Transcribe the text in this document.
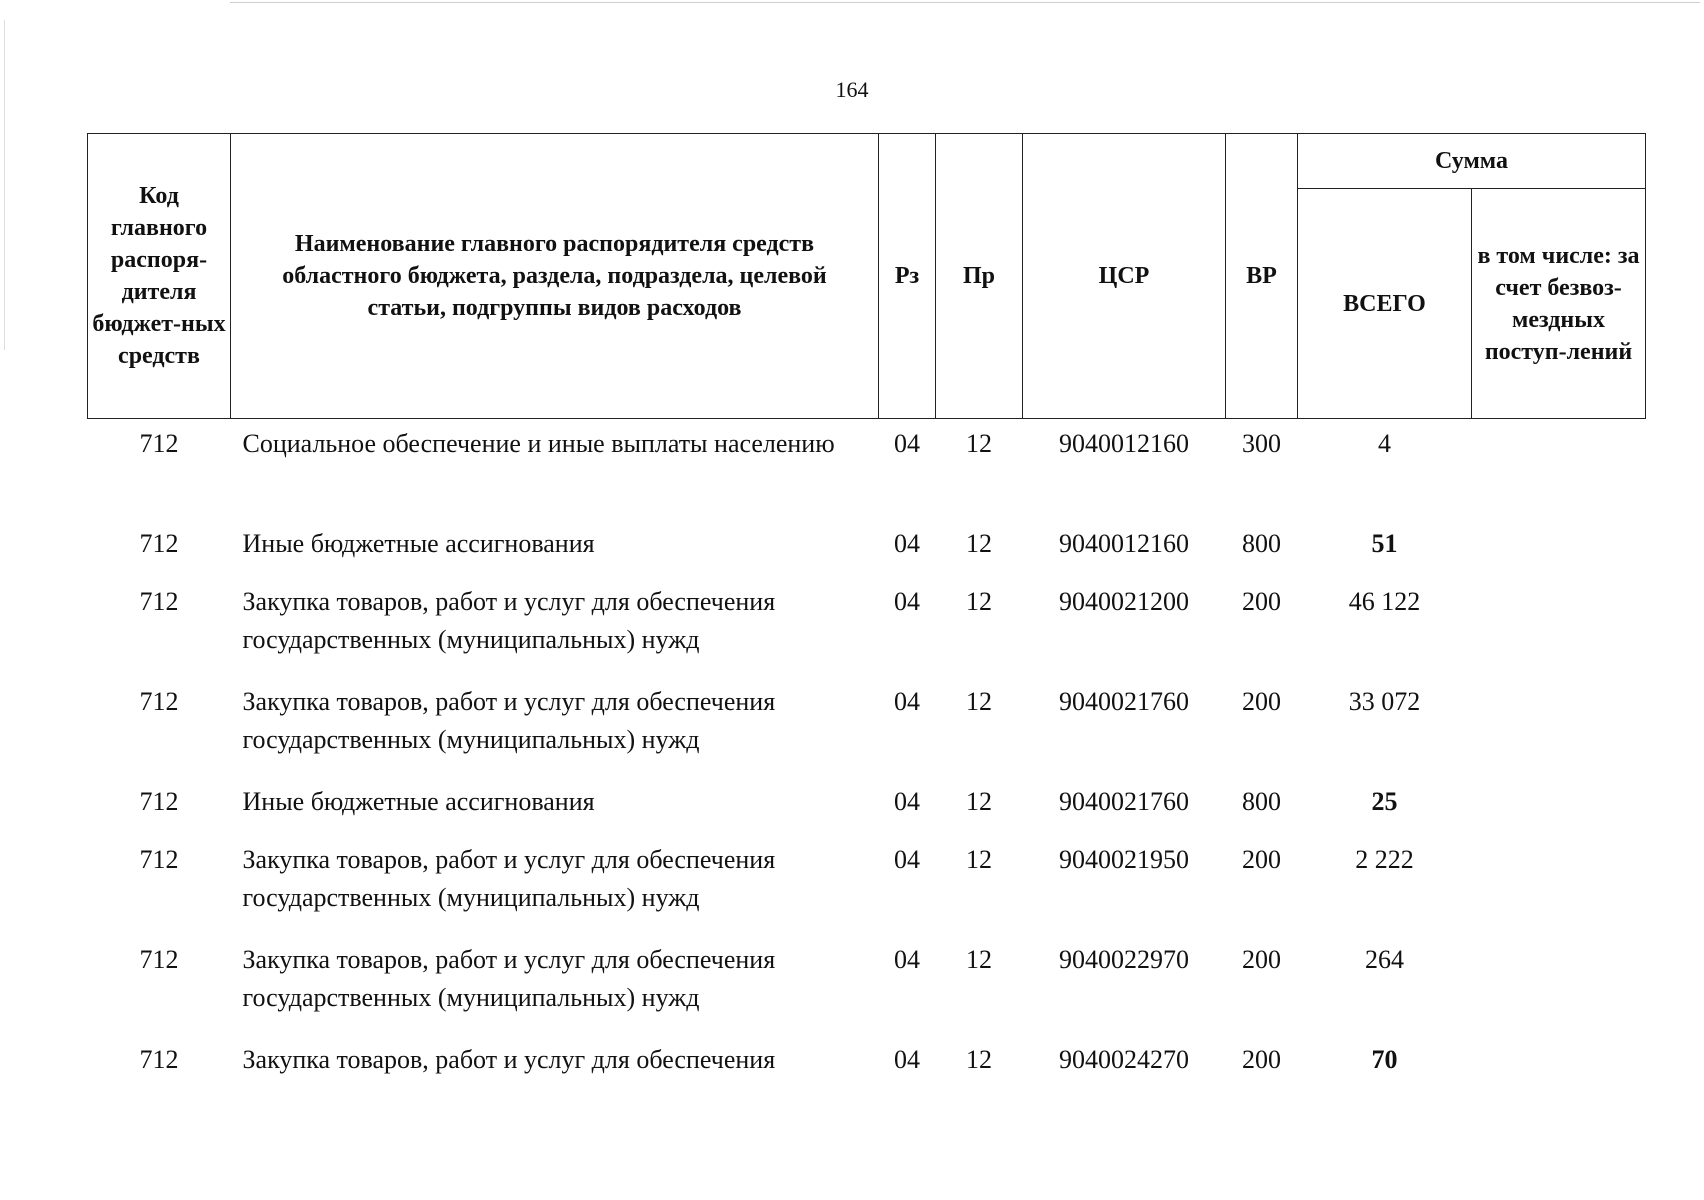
164
Код главного распоря-дителя бюджет-ных средств	Наименование главного распорядителя средств областного бюджета, раздела, подраздела, целевой статьи, подгруппы видов расходов	Рз	Пр	ЦСР	ВР	Сумма	
						ВСЕГО	в том числе: за счет безвоз-мездных поступ-лений
712	Социальное обеспечение и иные выплаты населению	04	12	9040012160	300	4	
712	Иные бюджетные ассигнования	04	12	9040012160	800	51	
712	Закупка товаров, работ и услуг для обеспечения государственных (муниципальных) нужд	04	12	9040021200	200	46 122	
712	Закупка товаров, работ и услуг для обеспечения государственных (муниципальных) нужд	04	12	9040021760	200	33 072	
712	Иные бюджетные ассигнования	04	12	9040021760	800	25	
712	Закупка товаров, работ и услуг для обеспечения государственных (муниципальных) нужд	04	12	9040021950	200	2 222	
712	Закупка товаров, работ и услуг для обеспечения государственных (муниципальных) нужд	04	12	9040022970	200	264	
712	Закупка товаров, работ и услуг для обеспечения	04	12	9040024270	200	70	
